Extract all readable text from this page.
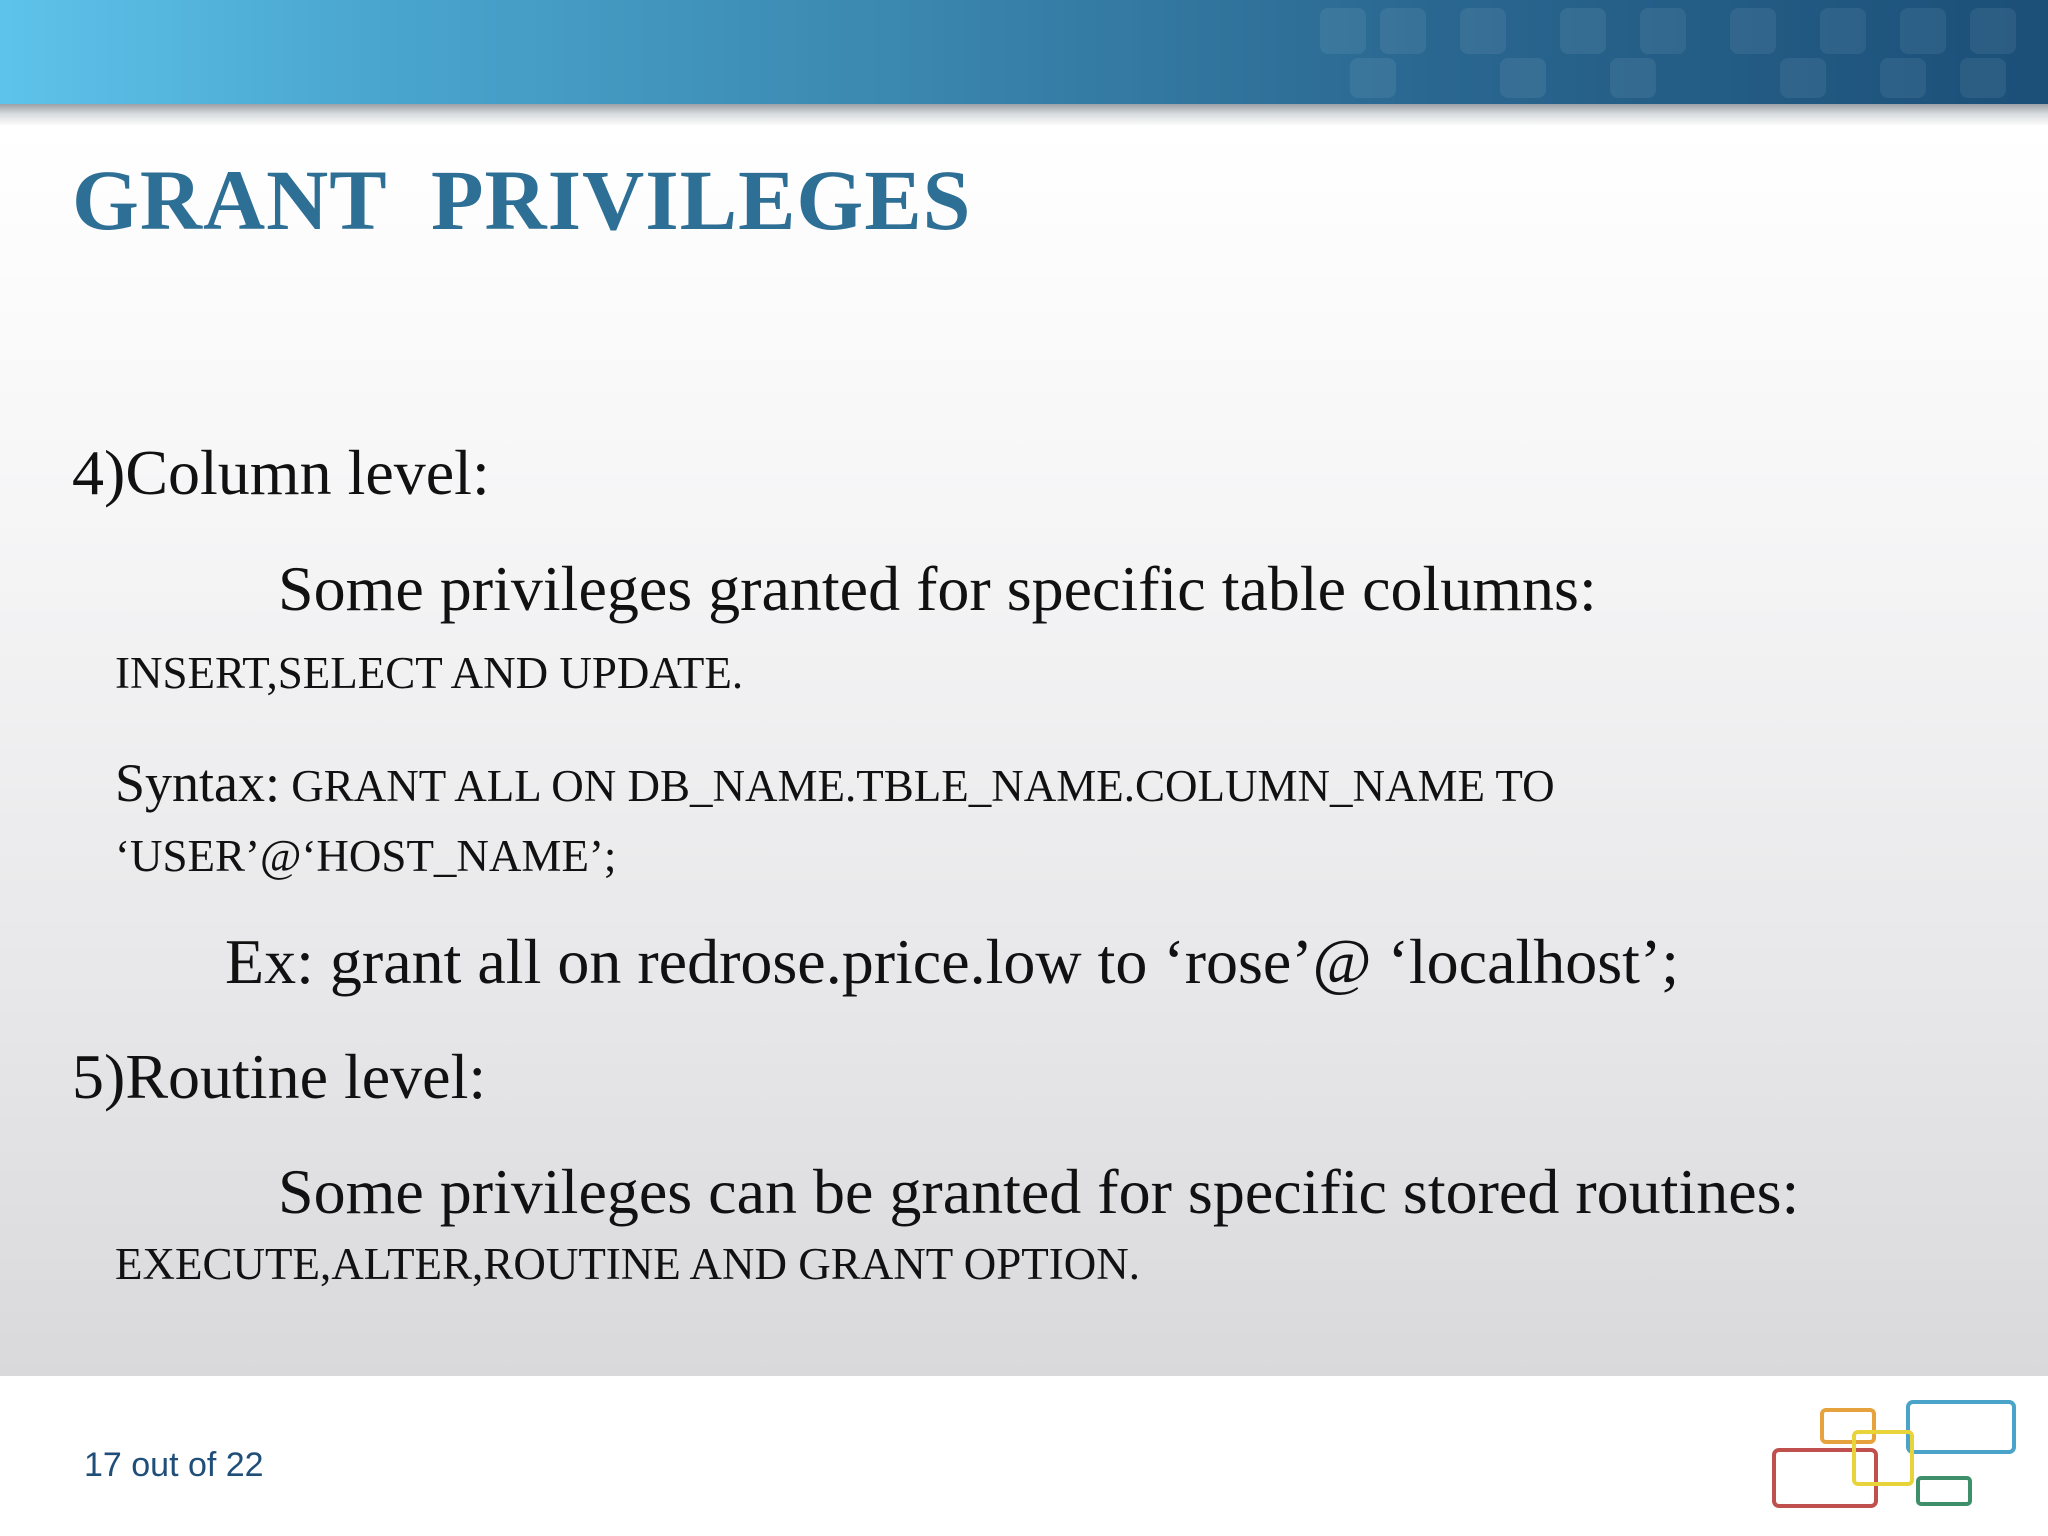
GRANT  PRIVILEGES
4)Column level:
Some privileges granted for specific table columns:
INSERT,SELECT AND UPDATE.
Syntax: GRANT ALL ON DB_NAME.TBLE_NAME.COLUMN_NAME TO
‘USER’@‘HOST_NAME’;
Ex: grant all on redrose.price.low to ‘rose’@ ‘localhost’;
5)Routine level:
Some privileges can be granted for specific stored routines:
EXECUTE,ALTER,ROUTINE AND GRANT OPTION.
17 out of 22
